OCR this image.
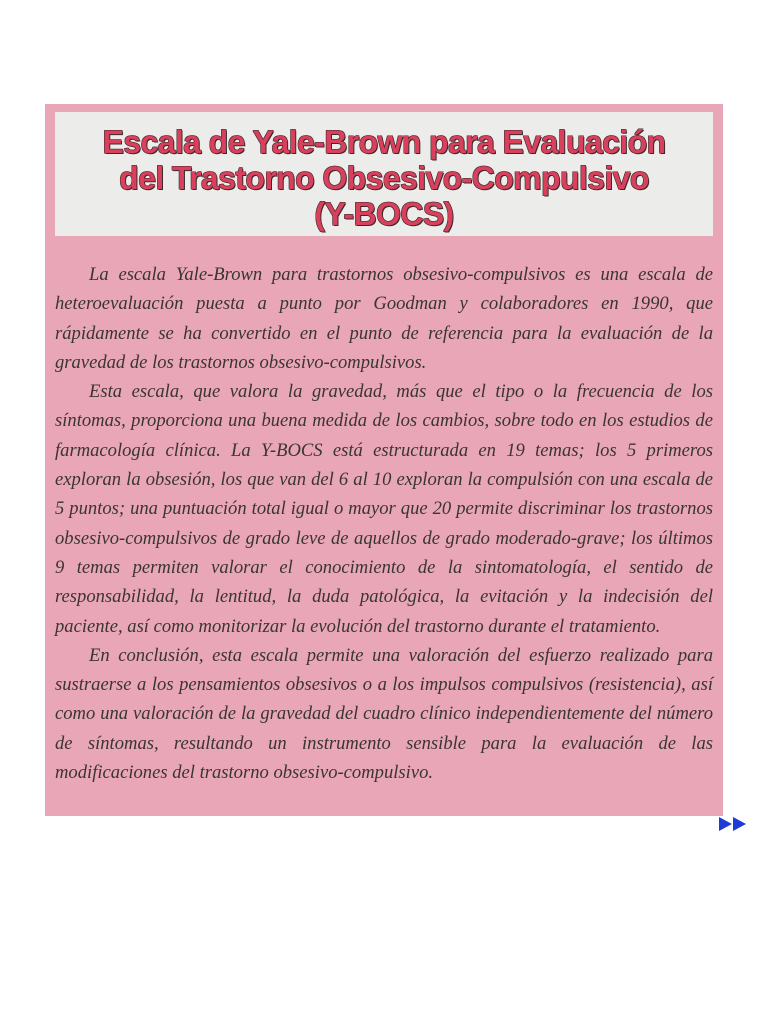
Escala de Yale-Brown para Evaluación
del Trastorno Obsesivo-Compulsivo
(Y-BOCS)

La escala Yale-Brown para trastornos obsesivo-compulsivos es una escala de heteroevaluación puesta a punto por Goodman y colaboradores en 1990, que rápidamente se ha convertido en el punto de referencia para la evaluación de la gravedad de los trastornos obsesivo-compulsivos.

Esta escala, que valora la gravedad, más que el tipo o la frecuencia de los síntomas, proporciona una buena medida de los cambios, sobre todo en los estudios de farmacología clínica. La Y-BOCS está estructurada en 19 temas; los 5 primeros exploran la obsesión, los que van del 6 al 10 exploran la compulsión con una escala de 5 puntos; una puntuación total igual o mayor que 20 permite discriminar los trastornos obsesivo-compulsivos de grado leve de aquellos de grado moderado-grave; los últimos 9 temas permiten valorar el conocimiento de la sintomatología, el sentido de responsabilidad, la lentitud, la duda patológica, la evitación y la indecisión del paciente, así como monitorizar la evolución del trastorno durante el tratamiento.

En conclusión, esta escala permite una valoración del esfuerzo realizado para sustraerse a los pensamientos obsesivos o a los impulsos compulsivos (resistencia), así como una valoración de la gravedad del cuadro clínico independientemente del número de síntomas, resultando un instrumento sensible para la evaluación de las modificaciones del trastorno obsesivo-compulsivo.
